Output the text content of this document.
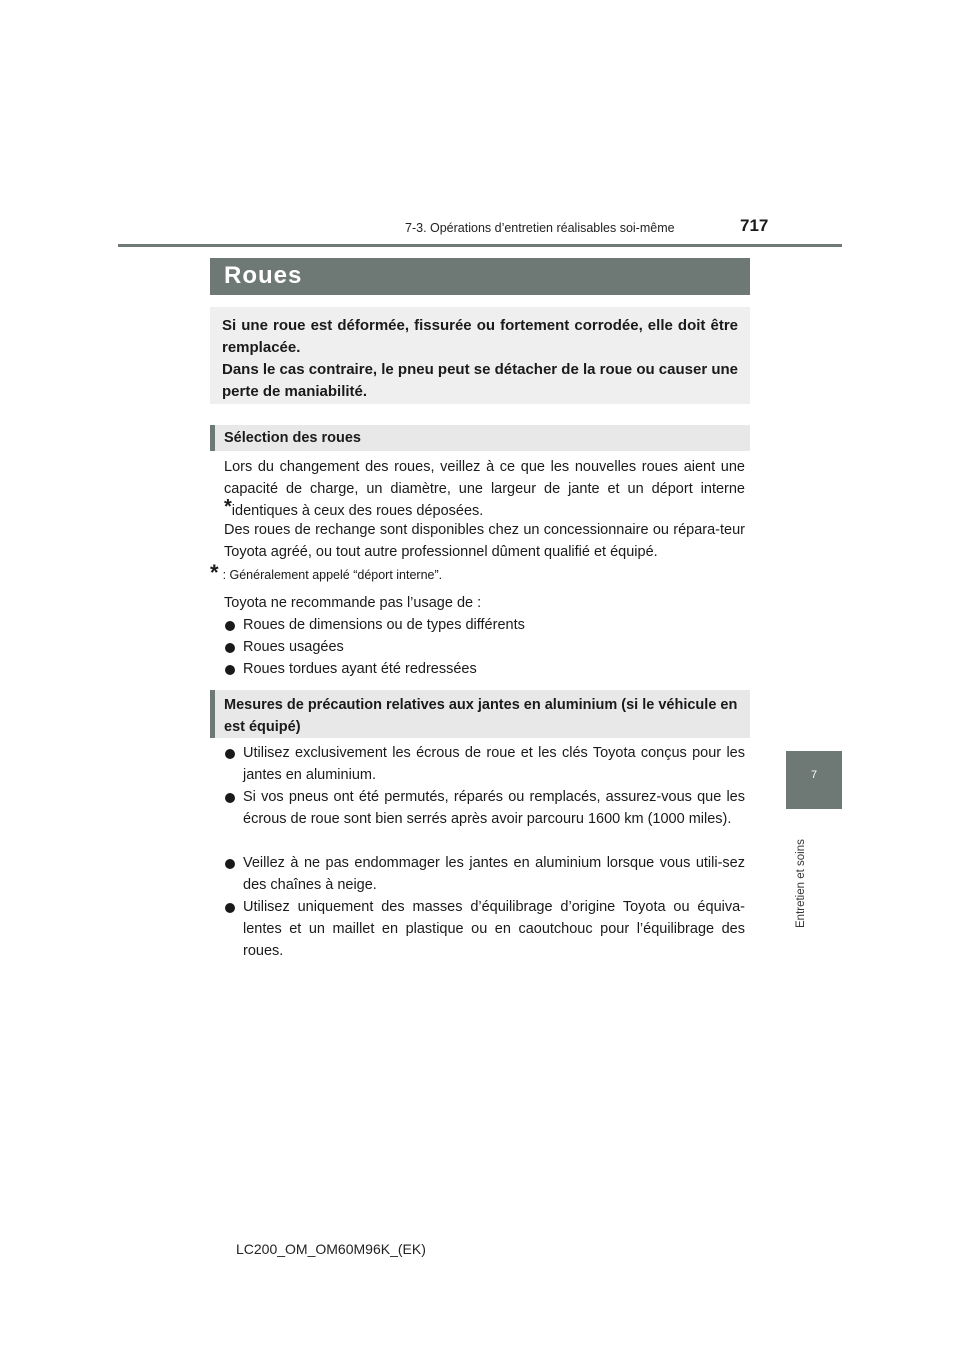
7-3. Opérations d’entretien réalisables soi-même	717
7
Entretien et soins
Roues
Si une roue est déformée, fissurée ou fortement corrodée, elle doit être remplacée.
Dans le cas contraire, le pneu peut se détacher de la roue ou causer une perte de maniabilité.
Sélection des roues
Lors du changement des roues, veillez à ce que les nouvelles roues aient une capacité de charge, un diamètre, une largeur de jante et un déport interne *identiques à ceux des roues déposées.
Des roues de rechange sont disponibles chez un concessionnaire ou répara-teur Toyota agréé, ou tout autre professionnel dûment qualifié et équipé.
* : Généralement appelé “déport interne”.
Toyota ne recommande pas l’usage de :
Roues de dimensions ou de types différents
Roues usagées
Roues tordues ayant été redressées
Mesures de précaution relatives aux jantes en aluminium (si le véhicule en est équipé)
Utilisez exclusivement les écrous de roue et les clés Toyota conçus pour les jantes en aluminium.
Si vos pneus ont été permutés, réparés ou remplacés, assurez-vous que les écrous de roue sont bien serrés après avoir parcouru 1600 km (1000 miles).
Veillez à ne pas endommager les jantes en aluminium lorsque vous utili-sez des chaînes à neige.
Utilisez uniquement des masses d’équilibrage d’origine Toyota ou équiva-lentes et un maillet en plastique ou en caoutchouc pour l’équilibrage des roues.
LC200_OM_OM60M96K_(EK)
